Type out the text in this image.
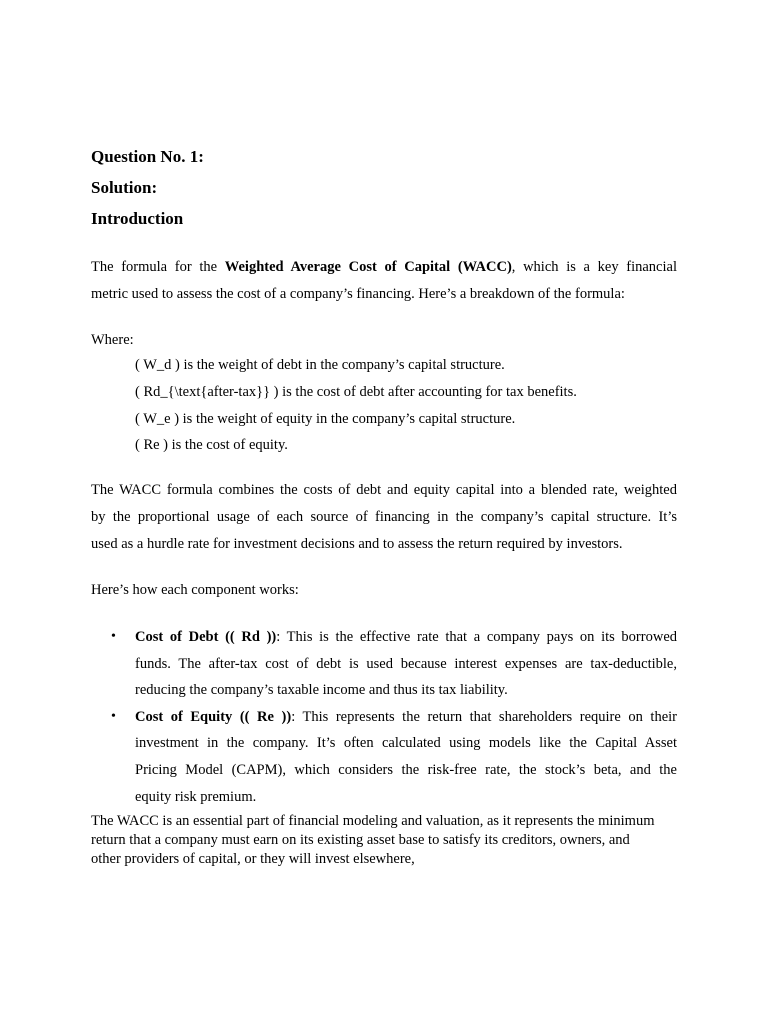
Question No. 1:
Solution:
Introduction

The formula for the Weighted Average Cost of Capital (WACC), which is a key financial
metric used to assess the cost of a company’s financing. Here’s a breakdown of the formula:

Where:

( W_d ) is the weight of debt in the company’s capital structure.
( Rd_{\text{after-tax}} ) is the cost of debt after accounting for tax benefits.
( W_e ) is the weight of equity in the company’s capital structure.
( Re ) is the cost of equity.

The WACC formula combines the costs of debt and equity capital into a blended rate, weighted
by the proportional usage of each source of financing in the company’s capital structure. It’s
used as a hurdle rate for investment decisions and to assess the return required by investors.

Here’s how each component works:

• Cost of Debt (( Rd )): This is the effective rate that a company pays on its borrowed
funds. The after-tax cost of debt is used because interest expenses are tax-deductible,
reducing the company’s taxable income and thus its tax liability.
• Cost of Equity (( Re )): This represents the return that shareholders require on their
investment in the company. It’s often calculated using models like the Capital Asset
Pricing Model (CAPM), which considers the risk-free rate, the stock’s beta, and the
equity risk premium.

The WACC is an essential part of financial modeling and valuation, as it represents the minimum
return that a company must earn on its existing asset base to satisfy its creditors, owners, and
other providers of capital, or they will invest elsewhere,
